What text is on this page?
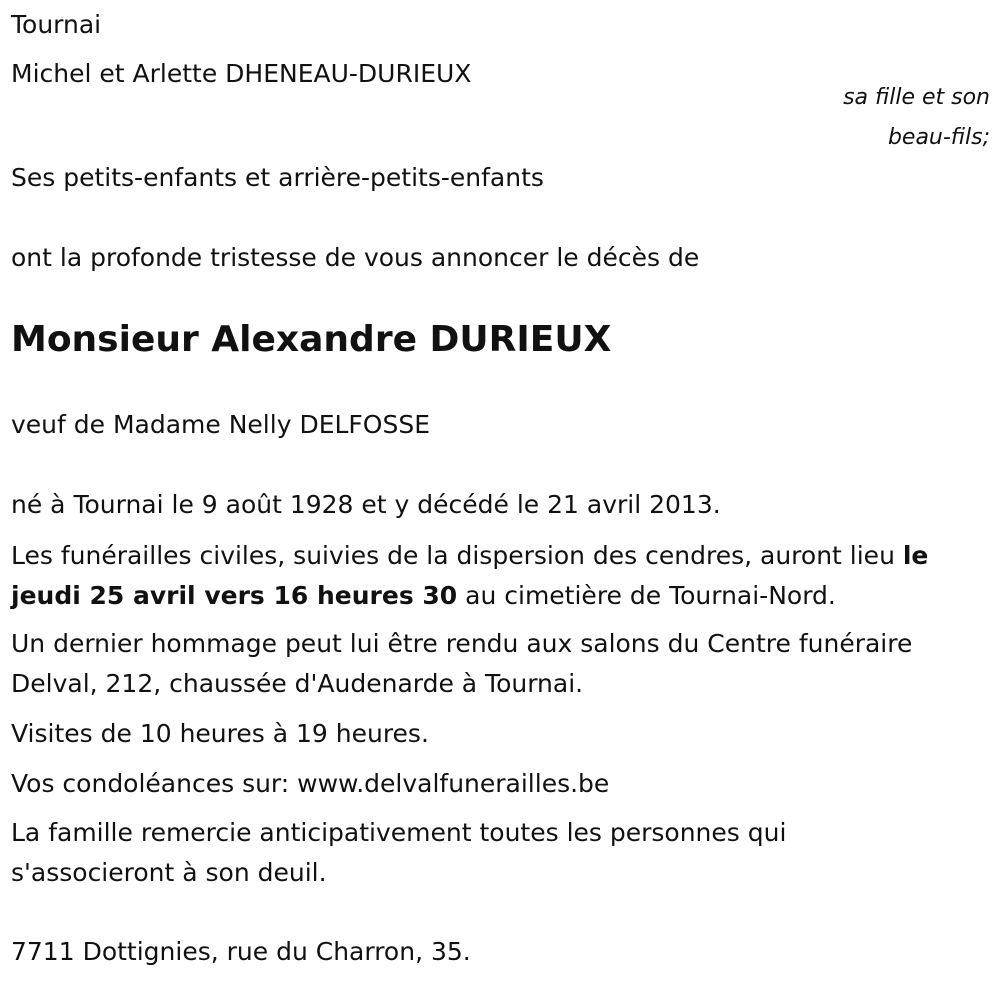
Tournai
Michel et Arlette DHENEAU-DURIEUX
sa fille et son
beau-fils;
Ses petits-enfants et arrière-petits-enfants
ont la profonde tristesse de vous annoncer le décès de
Monsieur Alexandre DURIEUX
veuf de Madame Nelly DELFOSSE
né à Tournai le 9 août 1928 et y décédé le 21 avril 2013.
Les funérailles civiles, suivies de la dispersion des cendres, auront lieu le jeudi 25 avril vers 16 heures 30 au cimetière de Tournai-Nord.
Un dernier hommage peut lui être rendu aux salons du Centre funéraire Delval, 212, chaussée d'Audenarde à Tournai.
Visites de 10 heures à 19 heures.
Vos condoléances sur: www.delvalfunerailles.be
La famille remercie anticipativement toutes les personnes qui s'associeront à son deuil.
7711 Dottignies, rue du Charron, 35.
